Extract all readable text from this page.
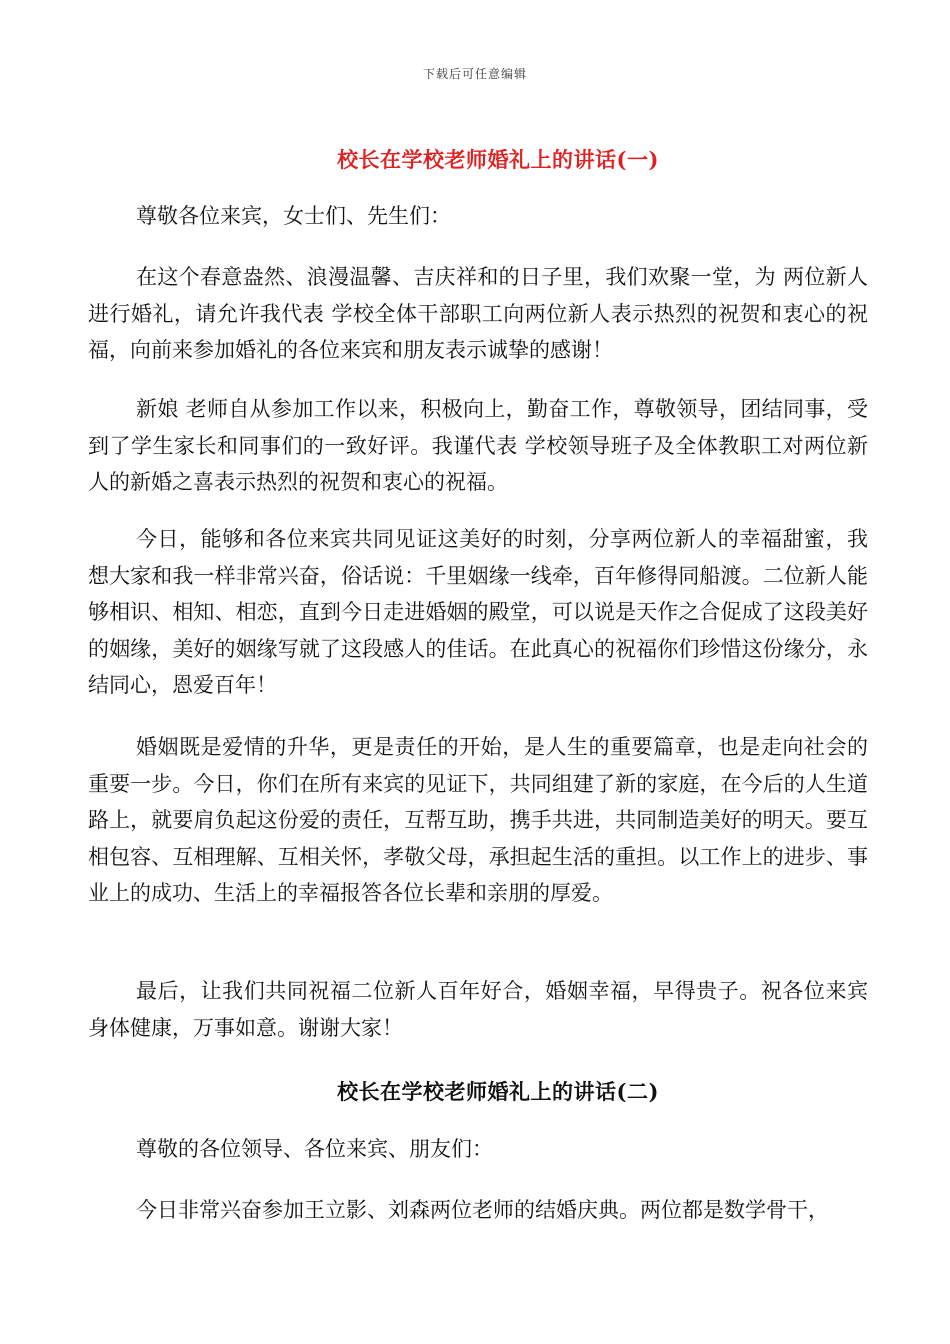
下载后可任意编辑
校长在学校老师婚礼上的讲话(一)
尊敬各位来宾，女士们、先生们：
在这个春意盎然、浪漫温馨、吉庆祥和的日子里，我们欢聚一堂，为 两位新人进行婚礼，请允许我代表 学校全体干部职工向两位新人表示热烈的祝贺和衷心的祝福，向前来参加婚礼的各位来宾和朋友表示诚挚的感谢！
新娘 老师自从参加工作以来，积极向上，勤奋工作，尊敬领导，团结同事，受到了学生家长和同事们的一致好评。我谨代表 学校领导班子及全体教职工对两位新人的新婚之喜表示热烈的祝贺和衷心的祝福。
今日，能够和各位来宾共同见证这美好的时刻，分享两位新人的幸福甜蜜，我想大家和我一样非常兴奋，俗话说：千里姻缘一线牵，百年修得同船渡。二位新人能够相识、相知、相恋，直到今日走进婚姻的殿堂，可以说是天作之合促成了这段美好的姻缘，美好的姻缘写就了这段感人的佳话。在此真心的祝福你们珍惜这份缘分，永结同心，恩爱百年！
婚姻既是爱情的升华，更是责任的开始，是人生的重要篇章，也是走向社会的重要一步。今日，你们在所有来宾的见证下，共同组建了新的家庭，在今后的人生道路上，就要肩负起这份爱的责任，互帮互助，携手共进，共同制造美好的明天。要互相包容、互相理解、互相关怀，孝敬父母，承担起生活的重担。以工作上的进步、事业上的成功、生活上的幸福报答各位长辈和亲朋的厚爱。
最后，让我们共同祝福二位新人百年好合，婚姻幸福，早得贵子。祝各位来宾身体健康，万事如意。谢谢大家！
校长在学校老师婚礼上的讲话(二)
尊敬的各位领导、各位来宾、朋友们：
今日非常兴奋参加王立影、刘森两位老师的结婚庆典。两位都是数学骨干，
